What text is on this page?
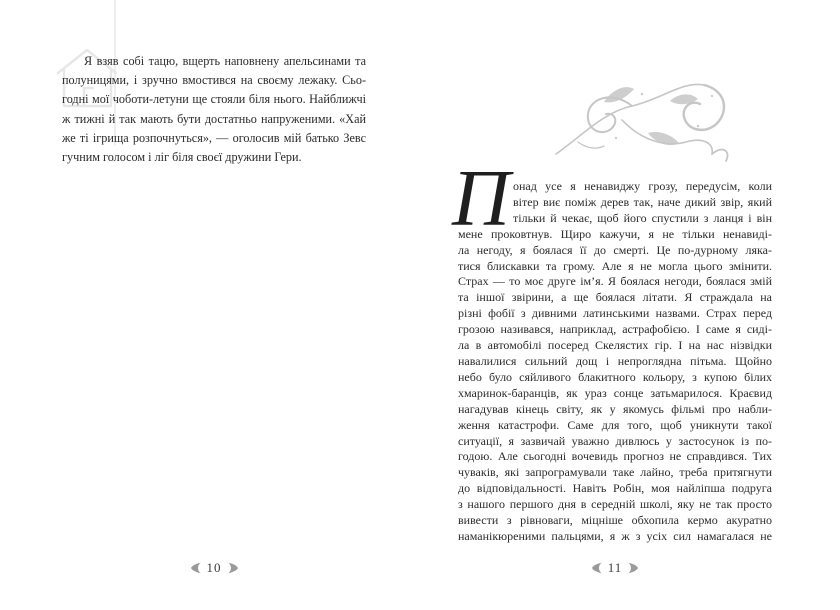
Я взяв собі тацю, вщерть наповнену апельсинами та
полуницями, і зручно вмостився на своєму лежаку. Сьо-
годні мої чоботи-летуни ще стояли біля нього. Найближчі
ж тижні й так мають бути достатньо напруженими. «Хай
же ті ігрища розпочнуться», — оголосив мій батько Зевс
гучним голосом і ліг біля своєї дружини Гери.
10
П онад усе я ненавиджу грозу, передусім, коли
вітер виє поміж дерев так, наче дикий звір, який
тільки й чекає, щоб його спустили з ланця і він
мене проковтнув. Щиро кажучи, я не тільки ненавиді-
ла негоду, я боялася її до смерті. Це по-дурному ляка-
тися блискавки та грому. Але я не могла цього змінити.
Страх — то моє друге ім’я. Я боялася негоди, боялася змій
та іншої звірини, а ще боялася літати. Я страждала на
різні фобії з дивними латинськими назвами. Страх перед
грозою називався, наприклад, астрафобією. І саме я сиді-
ла в автомобілі посеред Скелястих гір. І на нас нізвідки
навалилися сильний дощ і непроглядна пітьма. Щойно
небо було сяйливого блакитного кольору, з купою білих
хмаринок-баранців, як ураз сонце затьмарилося. Краєвид
нагадував кінець світу, як у якомусь фільмі про набли-
ження катастрофи. Саме для того, щоб уникнути такої
ситуації, я зазвичай уважно дивлюсь у застосунок із по-
годою. Але сьогодні вочевидь прогноз не справдився. Тих
чуваків, які запрограмували таке лайно, треба притягнути
до відповідальності. Навіть Робін, моя найліпша подруга
з нашого першого дня в середній школі, яку не так просто
вивести з рівноваги, міцніше обхопила кермо акуратно
наманікюреними пальцями, я ж з усіх сил намагалася не
11
